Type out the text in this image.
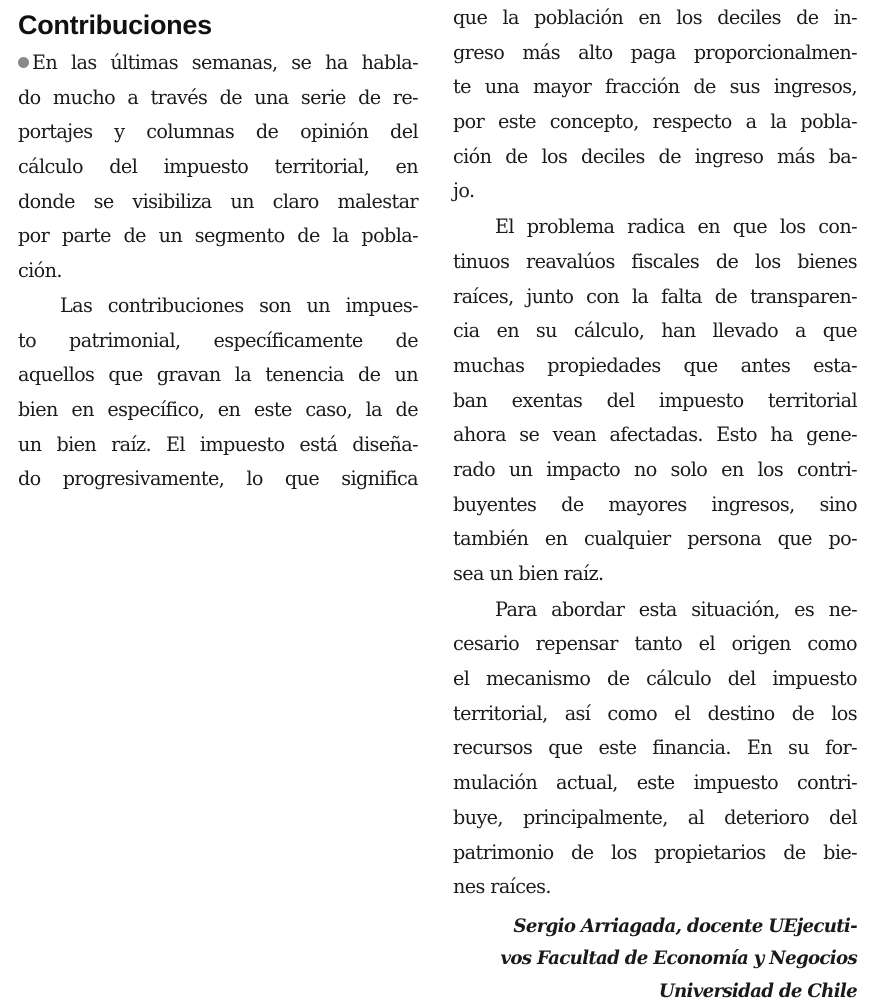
Contribuciones
En las últimas semanas, se ha habla-
do mucho a través de una serie de re-
portajes y columnas de opinión del
cálculo del impuesto territorial, en
donde se visibiliza un claro malestar
por parte de un segmento de la pobla-
ción.
Las contribuciones son un impues-
to patrimonial, específicamente de
aquellos que gravan la tenencia de un
bien en específico, en este caso, la de
un bien raíz. El impuesto está diseña-
do progresivamente, lo que significa
que la población en los deciles de in-
greso más alto paga proporcionalmen-
te una mayor fracción de sus ingresos,
por este concepto, respecto a la pobla-
ción de los deciles de ingreso más ba-
jo.
El problema radica en que los con-
tinuos reavalúos fiscales de los bienes
raíces, junto con la falta de transparen-
cia en su cálculo, han llevado a que
muchas propiedades que antes esta-
ban exentas del impuesto territorial
ahora se vean afectadas. Esto ha gene-
rado un impacto no solo en los contri-
buyentes de mayores ingresos, sino
también en cualquier persona que po-
sea un bien raíz.
Para abordar esta situación, es ne-
cesario repensar tanto el origen como
el mecanismo de cálculo del impuesto
territorial, así como el destino de los
recursos que este financia. En su for-
mulación actual, este impuesto contri-
buye, principalmente, al deterioro del
patrimonio de los propietarios de bie-
nes raíces.
Sergio Arriagada, docente UEjecuti-
vos Facultad de Economía y Negocios
Universidad de Chile
